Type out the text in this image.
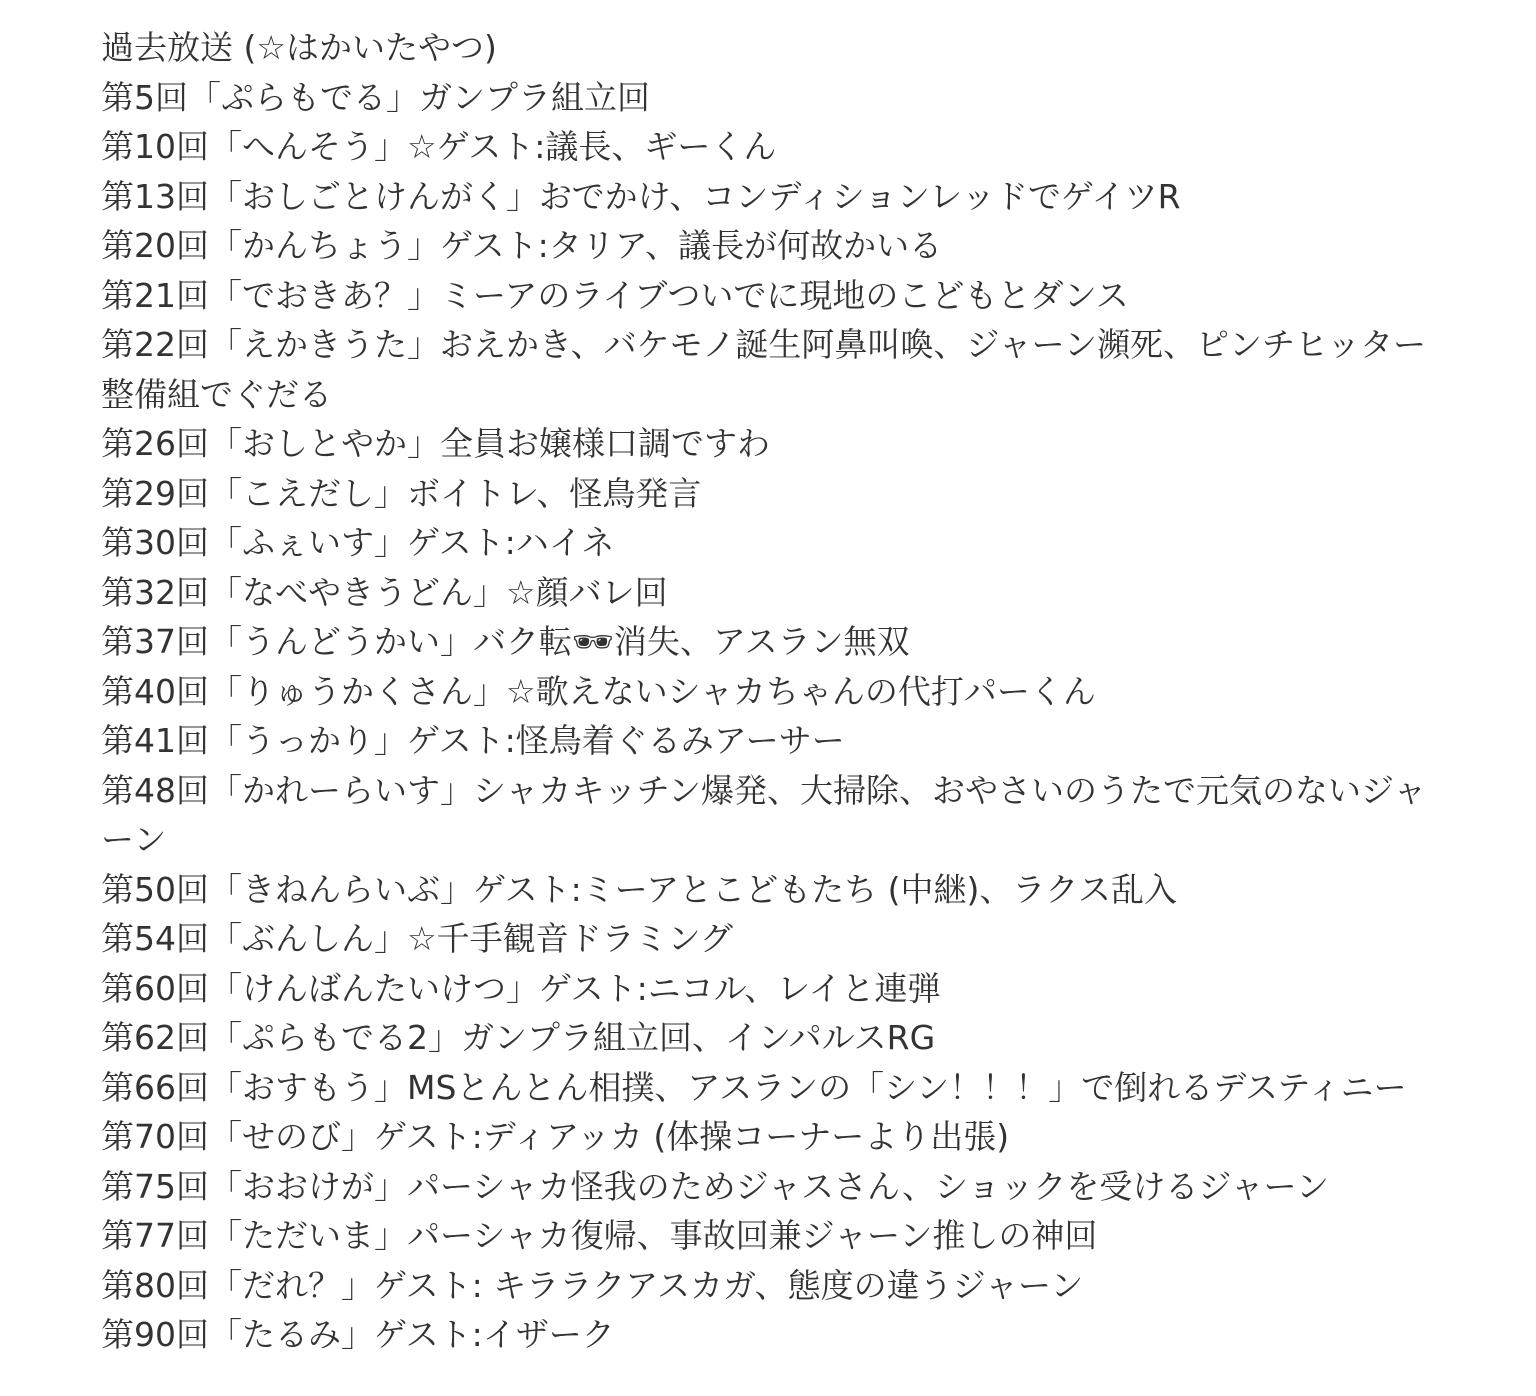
過去放送 (☆はかいたやつ)

第5回「ぷらもでる」ガンプラ組立回

第10回「へんそう」☆ゲスト:議長、ギーくん

第13回「おしごとけんがく」おでかけ、コンディションレッドでゲイツR

第20回「かんちょう」ゲスト:タリア、議長が何故かいる

第21回「でおきあ？」ミーアのライブついでに現地のこどもとダンス

第22回「えかきうた」おえかき、バケモノ誕生阿鼻叫喚、ジャーン瀕死、ピンチヒッター整備組でぐだる

第26回「おしとやか」全員お嬢様口調ですわ

第29回「こえだし」ボイトレ、怪鳥発言

第30回「ふぇいす」ゲスト:ハイネ

第32回「なべやきうどん」☆顔バレ回

第37回「うんどうかい」バク転🕶消失、アスラン無双

第40回「りゅうかくさん」☆歌えないシャカちゃんの代打パーくん

第41回「うっかり」ゲスト:怪鳥着ぐるみアーサー

第48回「かれーらいす」シャカキッチン爆発、大掃除、おやさいのうたで元気のないジャーン

第50回「きねんらいぶ」ゲスト:ミーアとこどもたち (中継)、ラクス乱入

第54回「ぶんしん」☆千手観音ドラミング

第60回「けんばんたいけつ」ゲスト:ニコル、レイと連弾

第62回「ぷらもでる2」ガンプラ組立回、インパルスRG

第66回「おすもう」MSとんとん相撲、アスランの「シン！！！」で倒れるデスティニー

第70回「せのび」ゲスト:ディアッカ (体操コーナーより出張)

第75回「おおけが」パーシャカ怪我のためジャスさん、ショックを受けるジャーン

第77回「ただいま」パーシャカ復帰、事故回兼ジャーン推しの神回

第80回「だれ？」ゲスト: キララクアスカガ、態度の違うジャーン

第90回「たるみ」ゲスト:イザーク
